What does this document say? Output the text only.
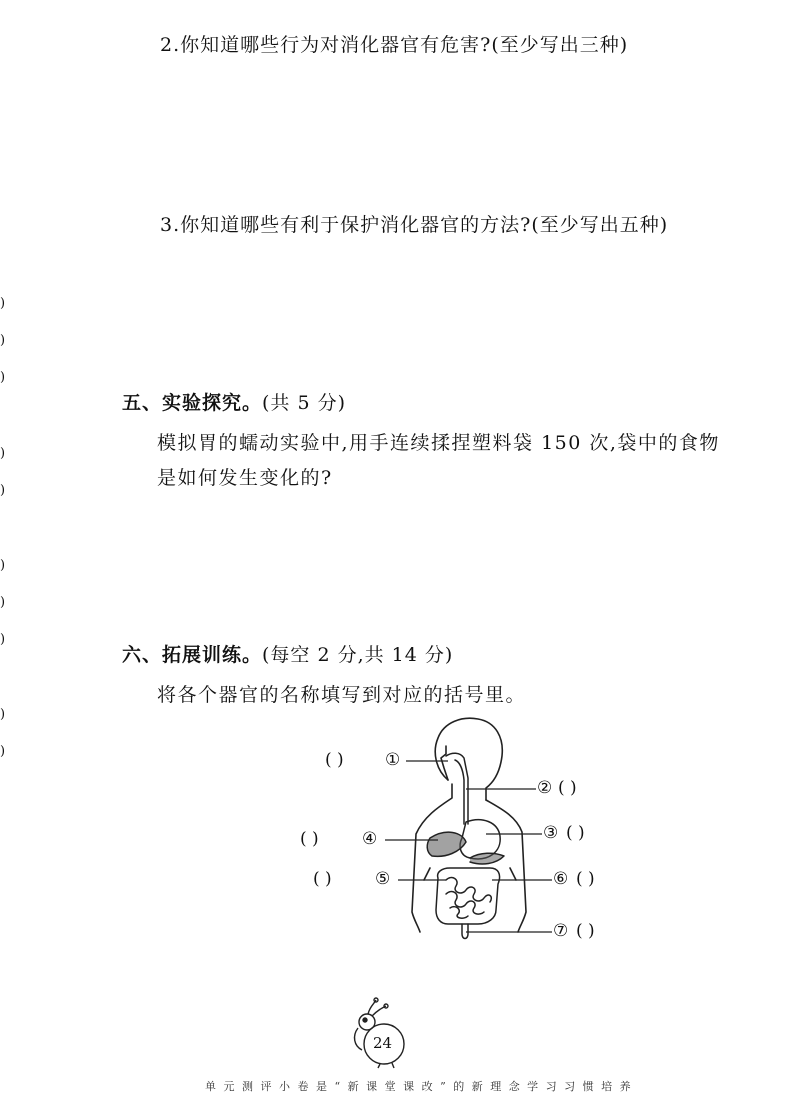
2.你知道哪些行为对消化器官有危害?(至少写出三种)
3.你知道哪些有利于保护消化器官的方法?(至少写出五种)
)
)
)
)
)
)
)
)
)
)
五、实验探究。(共 5 分)
模拟胃的蠕动实验中,用手连续揉捏塑料袋 150 次,袋中的食物
是如何发生变化的?
六、拓展训练。(每空 2 分,共 14 分)
将各个器官的名称填写到对应的括号里。
( ) ①
② ( )
③ ( )
( )	④
( )	⑤	⑥ ( )
⑦ ( )
24
单 元 测 评 小 卷 是 “ 新 课 堂 课 改 ” 的 新 理 念 学 习 习 惯 培 养
